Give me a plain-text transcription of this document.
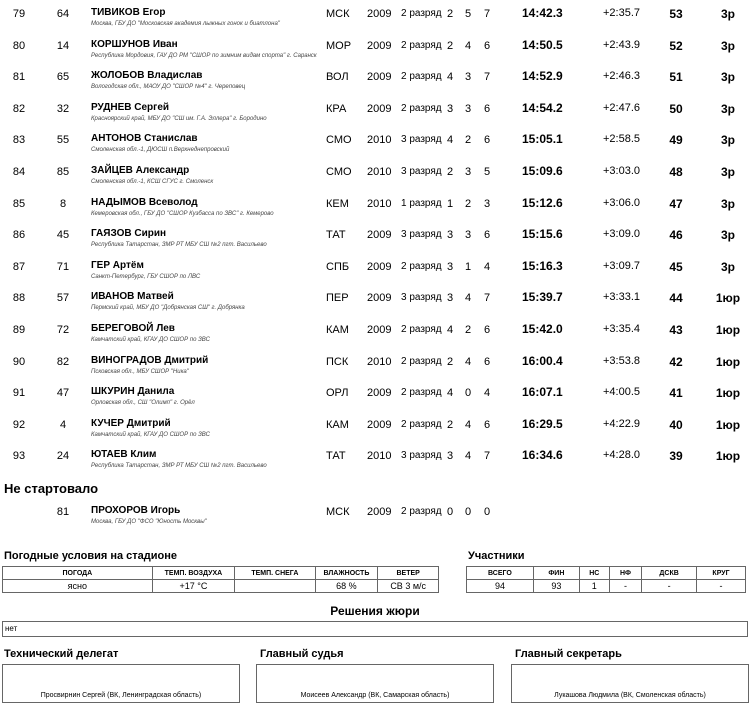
79	64	ТИВИКОВ Егор
Москва, ГБУ ДО "Московская академия лыжных гонок и биатлона"
МСК 2009 2 разряд 2 5 7	14:42.3	+2:35.7	53	3р
80	14	КОРШУНОВ Иван
Республика Мордовия, ГАУ ДО РМ "СШОР по зимним видам спорта" г. Саранск
МОР 2009 2 разряд 2 4 6	14:50.5	+2:43.9	52	3р
81	65	ЖОЛОБОВ Владислав
Вологодская обл., МАОУ ДО "СШОР №4" г. Череповец
ВОЛ 2009 2 разряд 4 3 7	14:52.9	+2:46.3	51	3р
82	32	РУДНЕВ Сергей
Красноярский край, МБУ ДО "СШ им. Г.А. Эллера" г. Бородино
КРА 2009 2 разряд 3 3 6	14:54.2	+2:47.6	50	3р
83	55	АНТОНОВ Станислав
Смоленская обл.-1, ДЮСШ п.Верхнеднепровский
СМО 2010 3 разряд 4 2 6	15:05.1	+2:58.5	49	3р
84	85	ЗАЙЦЕВ Александр
Смоленская обл.-1, КСШ СГУС г. Смоленск
СМО 2010 3 разряд 2 3 5	15:09.6	+3:03.0	48	3р
85	8	НАДЫМОВ Всеволод
Кемеровская обл., ГБУ ДО "СШОР Кузбасса по ЗВС" г. Кемерово
КЕМ 2010 1 разряд 1 2 3	15:12.6	+3:06.0	47	3р
86	45	ГАЯЗОВ Сирин
Республика Татарстан, ЗМР РТ МБУ СШ №2 пгт. Васильево
ТАТ 2009 3 разряд 3 3 6	15:15.6	+3:09.0	46	3р
87	71	ГЕР Артём
Санкт-Петербург, ГБУ СШОР по ЛВС
СПБ 2009 2 разряд 3 1 4	15:16.3	+3:09.7	45	3р
88	57	ИВАНОВ Матвей
Пермский край, МБУ ДО "Добрянская СШ" г. Добрянка
ПЕР 2009 3 разряд 3 4 7	15:39.7	+3:33.1	44	1юр
89	72	БЕРЕГОВОЙ Лев
Камчатский край, КГАУ ДО СШОР по ЗВС
КАМ 2009 2 разряд 4 2 6	15:42.0	+3:35.4	43	1юр
90	82	ВИНОГРАДОВ Дмитрий
Псковская обл., МБУ СШОР "Ника"
ПСК 2010 2 разряд 2 4 6	16:00.4	+3:53.8	42	1юр
91	47	ШКУРИН Данила
Орловская обл., СШ "Олимп" г. Орёл
ОРЛ 2009 2 разряд 4 0 4	16:07.1	+4:00.5	41	1юр
92	4	КУЧЕР Дмитрий
Камчатский край, КГАУ ДО СШОР по ЗВС
КАМ 2009 2 разряд 2 4 6	16:29.5	+4:22.9	40	1юр
93	24	ЮТАЕВ Клим
Республика Татарстан, ЗМР РТ МБУ СШ №2 пгт. Васильево
ТАТ 2010 3 разряд 3 4 7	16:34.6	+4:28.0	39	1юр
Не стартовало
81	ПРОХОРОВ Игорь
Москва, ГБУ ДО "ФСО "Юность Москвы"
МСК 2009 2 разряд 0 0 0
Погодные условия на стадионе
ПОГОДА	ТЕМП. ВОЗДУХА	ТЕМП. СНЕГА	ВЛАЖНОСТЬ	ВЕТЕР
ясно	+17 °C		68 %	СВ 3 м/с
Участники
ВСЕГО	ФИН	НС	НФ	ДСКВ	КРУГ
94	93	1	-	-	-
Решения жюри
нет
Технический делегат
Просвирнин Сергей (ВК, Ленинградская область)
Главный судья
Моисеев Александр (ВК, Самарская область)
Главный секретарь
Лукашова Людмила (ВК, Смоленская область)
